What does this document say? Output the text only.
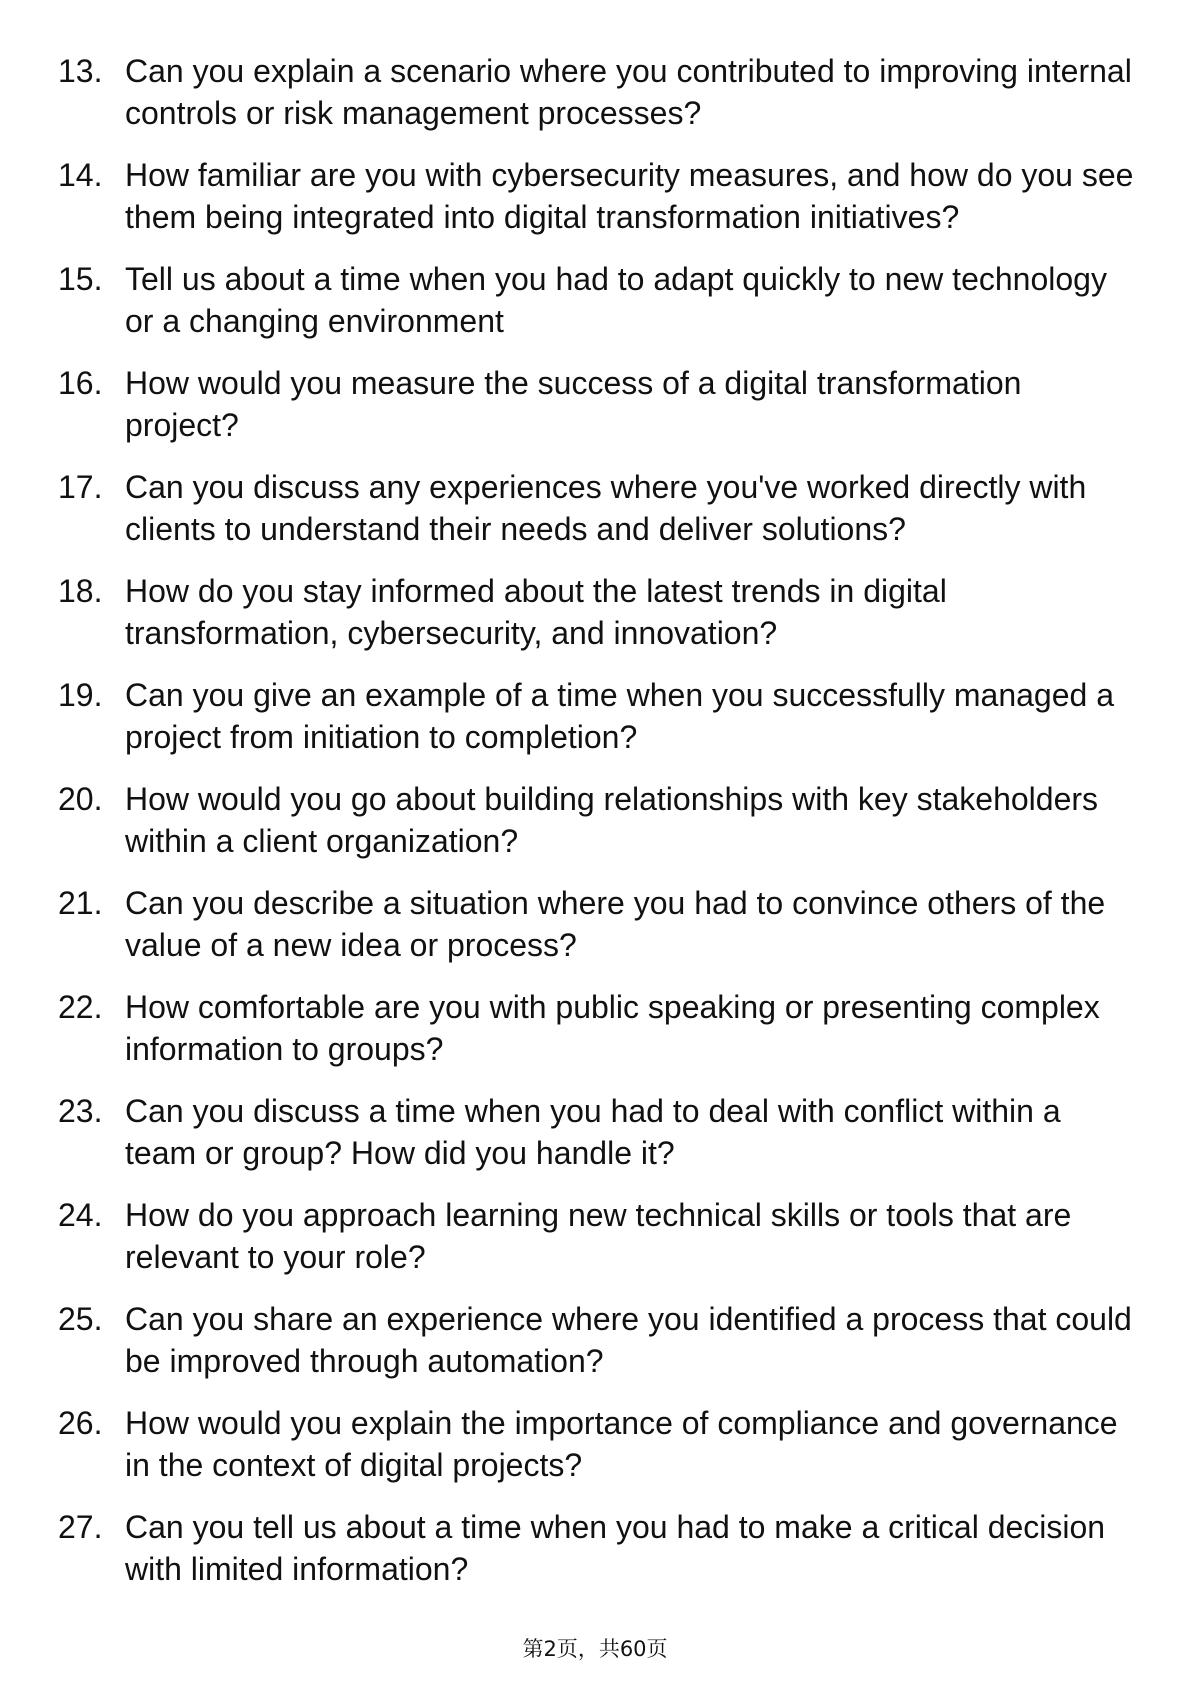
13. Can you explain a scenario where you contributed to improving internal controls or risk management processes?
14. How familiar are you with cybersecurity measures, and how do you see them being integrated into digital transformation initiatives?
15. Tell us about a time when you had to adapt quickly to new technology or a changing environment
16. How would you measure the success of a digital transformation project?
17. Can you discuss any experiences where you've worked directly with clients to understand their needs and deliver solutions?
18. How do you stay informed about the latest trends in digital transformation, cybersecurity, and innovation?
19. Can you give an example of a time when you successfully managed a project from initiation to completion?
20. How would you go about building relationships with key stakeholders within a client organization?
21. Can you describe a situation where you had to convince others of the value of a new idea or process?
22. How comfortable are you with public speaking or presenting complex information to groups?
23. Can you discuss a time when you had to deal with conflict within a team or group? How did you handle it?
24. How do you approach learning new technical skills or tools that are relevant to your role?
25. Can you share an experience where you identified a process that could be improved through automation?
26. How would you explain the importance of compliance and governance in the context of digital projects?
27. Can you tell us about a time when you had to make a critical decision with limited information?
第2页，共60页
